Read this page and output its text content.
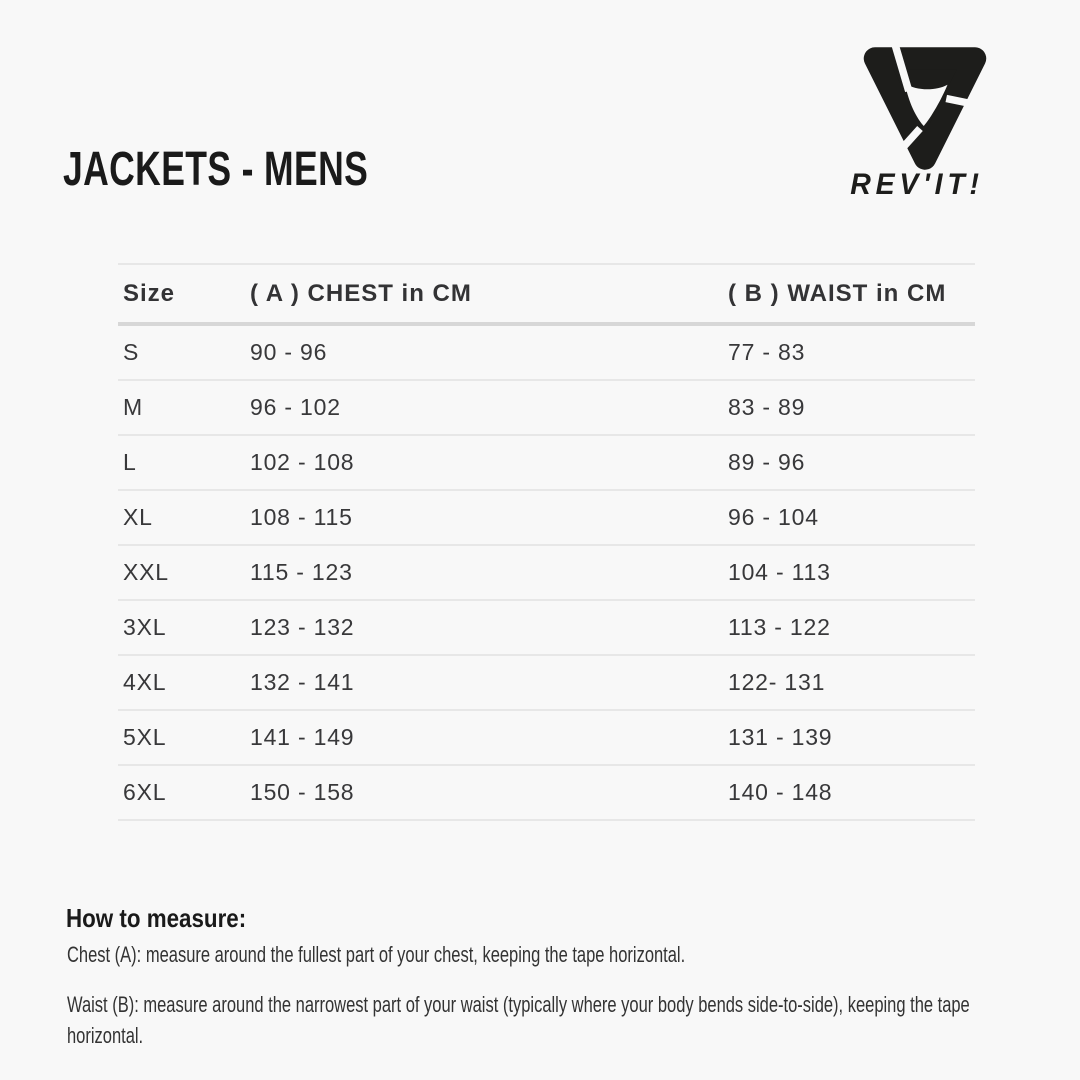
JACKETS - MENS	REV'IT!
Size	( A ) CHEST in CM	( B ) WAIST in CM
S	90 - 96	77 - 83
M	96 - 102	83 - 89
L	102 - 108	89 - 96
XL	108 - 115	96 - 104
XXL	115 - 123	104 - 113
3XL	123 - 132	113 - 122
4XL	132 - 141	122- 131
5XL	141 - 149	131 - 139
6XL	150 - 158	140 - 148
How to measure:
Chest (A): measure around the fullest part of your chest, keeping the tape horizontal.
Waist (B): measure around the narrowest part of your waist (typically where your body bends side-to-side), keeping the tape horizontal.
